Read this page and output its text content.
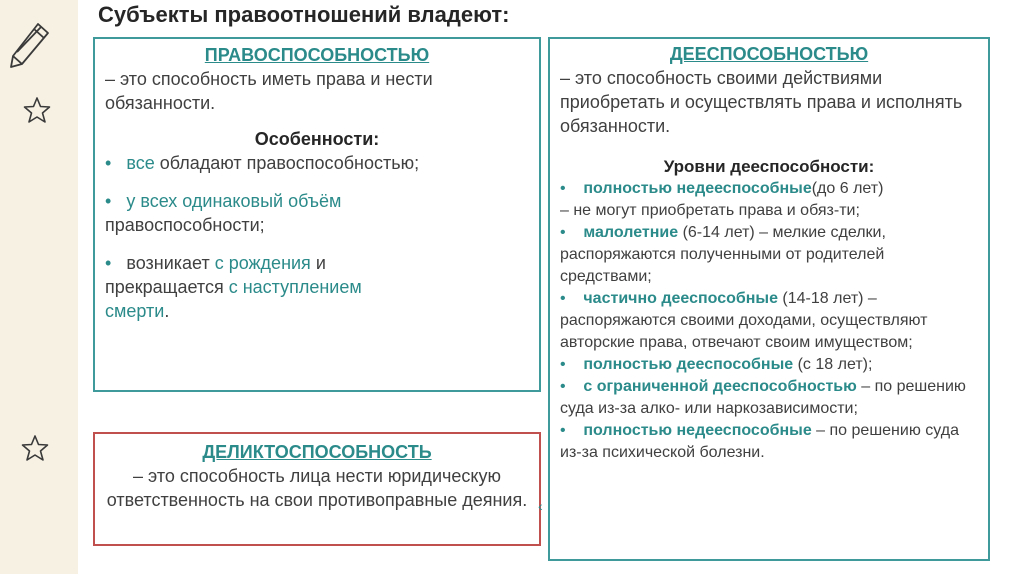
Субъекты правоотношений владеют:
ПРАВОСПОСОБНОСТЬЮ
– это способность иметь права и нести обязанности.
Особенности:
• все обладают правоспособностью;
• у всех одинаковый объём
правоспособности;
• возникает с рождения и
прекращается с наступлением
смерти.
ДЕЕСПОСОБНОСТЬЮ
– это способность своими действиями приобретать и осуществлять права и исполнять обязанности.
Уровни дееспособности:
• полностью недееспособные(до 6 лет)
– не могут приобретать права и обяз-ти;
• малолетние (6-14 лет) – мелкие сделки, распоряжаются полученными от родителей средствами;
• частично дееспособные (14-18 лет) – распоряжаются своими доходами, осуществляют авторские права, отвечают своим имуществом;
• полностью дееспособные (с 18 лет);
• с ограниченной дееспособностью – по решению суда из-за алко- или наркозависимости;
• полностью недееспособные – по решению суда из-за психической болезни.
ДЕЛИКТОСПОСОБНОСТЬ
– это способность лица нести юридическую ответственность на свои противоправные деяния. ‹
